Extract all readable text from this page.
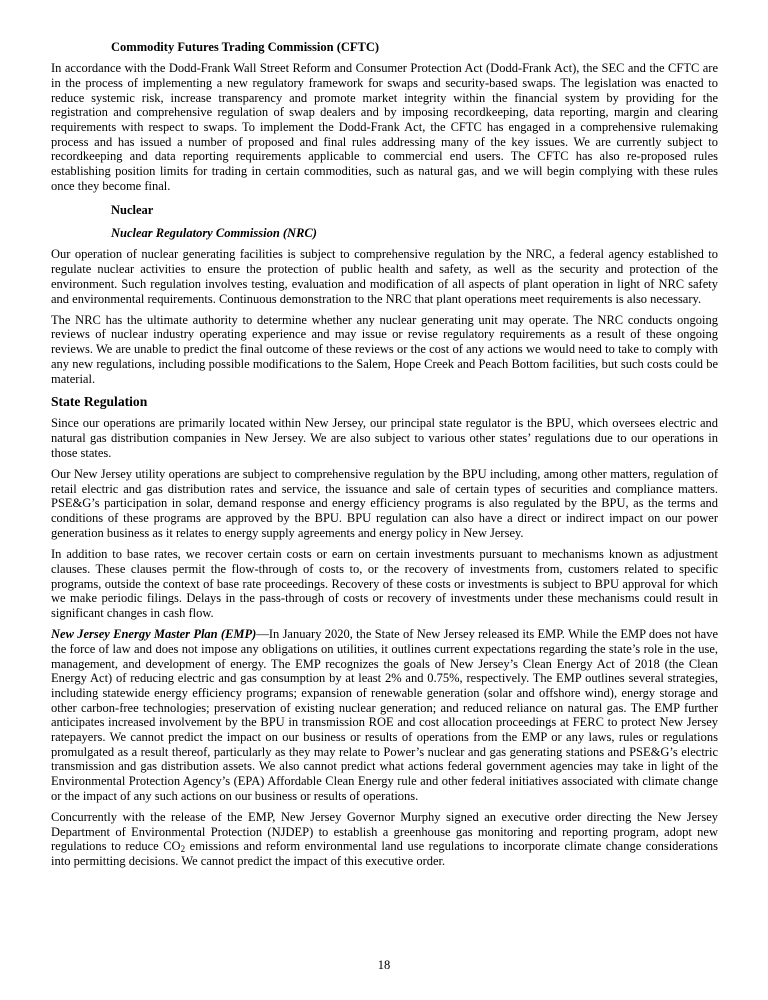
Commodity Futures Trading Commission (CFTC)

In accordance with the Dodd-Frank Wall Street Reform and Consumer Protection Act (Dodd-Frank Act), the SEC and the CFTC are in the process of implementing a new regulatory framework for swaps and security-based swaps. The legislation was enacted to reduce systemic risk, increase transparency and promote market integrity within the financial system by providing for the registration and comprehensive regulation of swap dealers and by imposing recordkeeping, data reporting, margin and clearing requirements with respect to swaps. To implement the Dodd-Frank Act, the CFTC has engaged in a comprehensive rulemaking process and has issued a number of proposed and final rules addressing many of the key issues. We are currently subject to recordkeeping and data reporting requirements applicable to commercial end users. The CFTC has also re-proposed rules establishing position limits for trading in certain commodities, such as natural gas, and we will begin complying with these rules once they become final.

Nuclear
Nuclear Regulatory Commission (NRC)

Our operation of nuclear generating facilities is subject to comprehensive regulation by the NRC, a federal agency established to regulate nuclear activities to ensure the protection of public health and safety, as well as the security and protection of the environment. Such regulation involves testing, evaluation and modification of all aspects of plant operation in light of NRC safety and environmental requirements. Continuous demonstration to the NRC that plant operations meet requirements is also necessary.

The NRC has the ultimate authority to determine whether any nuclear generating unit may operate. The NRC conducts ongoing reviews of nuclear industry operating experience and may issue or revise regulatory requirements as a result of these ongoing reviews. We are unable to predict the final outcome of these reviews or the cost of any actions we would need to take to comply with any new regulations, including possible modifications to the Salem, Hope Creek and Peach Bottom facilities, but such costs could be material.

State Regulation

Since our operations are primarily located within New Jersey, our principal state regulator is the BPU, which oversees electric and natural gas distribution companies in New Jersey. We are also subject to various other states’ regulations due to our operations in those states.

Our New Jersey utility operations are subject to comprehensive regulation by the BPU including, among other matters, regulation of retail electric and gas distribution rates and service, the issuance and sale of certain types of securities and compliance matters. PSE&G’s participation in solar, demand response and energy efficiency programs is also regulated by the BPU, as the terms and conditions of these programs are approved by the BPU. BPU regulation can also have a direct or indirect impact on our power generation business as it relates to energy supply agreements and energy policy in New Jersey.

In addition to base rates, we recover certain costs or earn on certain investments pursuant to mechanisms known as adjustment clauses. These clauses permit the flow-through of costs to, or the recovery of investments from, customers related to specific programs, outside the context of base rate proceedings. Recovery of these costs or investments is subject to BPU approval for which we make periodic filings. Delays in the pass-through of costs or recovery of investments under these mechanisms could result in significant changes in cash flow.

New Jersey Energy Master Plan (EMP)—In January 2020, the State of New Jersey released its EMP. While the EMP does not have the force of law and does not impose any obligations on utilities, it outlines current expectations regarding the state’s role in the use, management, and development of energy. The EMP recognizes the goals of New Jersey’s Clean Energy Act of 2018 (the Clean Energy Act) of reducing electric and gas consumption by at least 2% and 0.75%, respectively. The EMP outlines several strategies, including statewide energy efficiency programs; expansion of renewable generation (solar and offshore wind), energy storage and other carbon-free technologies; preservation of existing nuclear generation; and reduced reliance on natural gas. The EMP further anticipates increased involvement by the BPU in transmission ROE and cost allocation proceedings at FERC to protect New Jersey ratepayers. We cannot predict the impact on our business or results of operations from the EMP or any laws, rules or regulations promulgated as a result thereof, particularly as they may relate to Power’s nuclear and gas generating stations and PSE&G’s electric transmission and gas distribution assets. We also cannot predict what actions federal government agencies may take in light of the Environmental Protection Agency’s (EPA) Affordable Clean Energy rule and other federal initiatives associated with climate change or the impact of any such actions on our business or results of operations.

Concurrently with the release of the EMP, New Jersey Governor Murphy signed an executive order directing the New Jersey Department of Environmental Protection (NJDEP) to establish a greenhouse gas monitoring and reporting program, adopt new regulations to reduce $CO_2$ emissions and reform environmental land use regulations to incorporate climate change considerations into permitting decisions. We cannot predict the impact of this executive order.

18
